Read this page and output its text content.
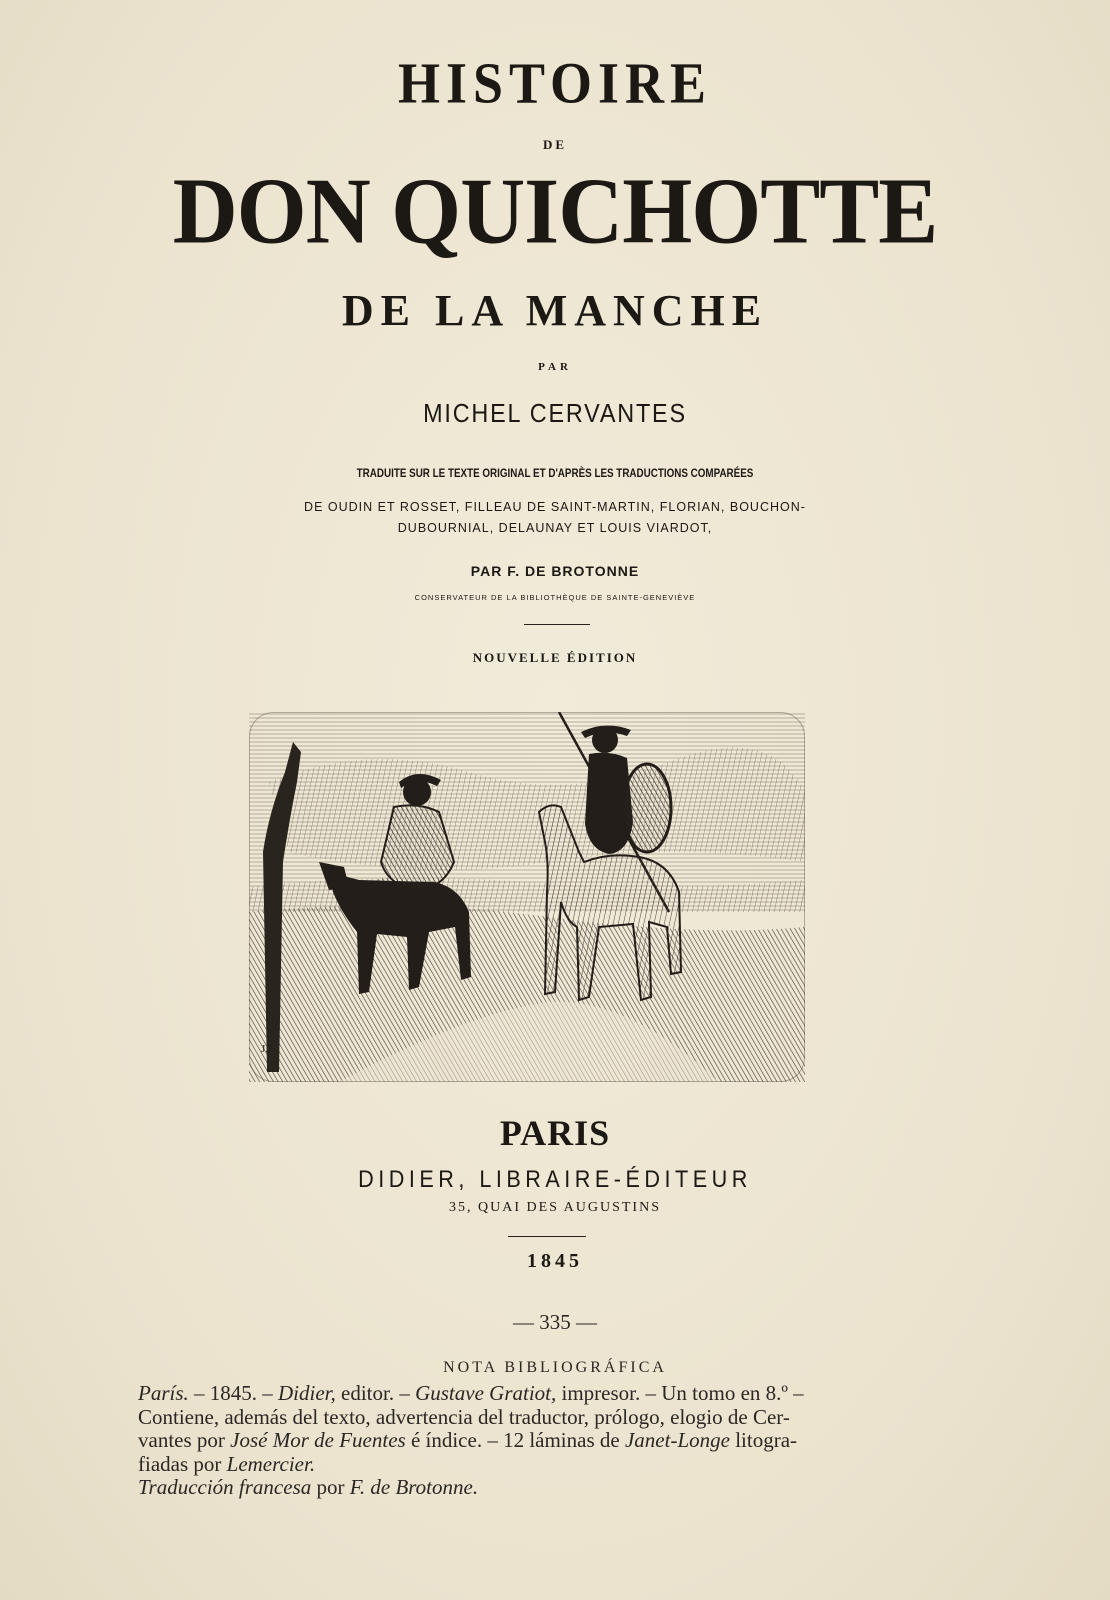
HISTOIRE
DE
DON QUICHOTTE
DE LA MANCHE
PAR
MICHEL CERVANTES
TRADUITE SUR LE TEXTE ORIGINAL ET D'APRÈS LES TRADUCTIONS COMPARÉES
DE OUDIN ET ROSSET, FILLEAU DE SAINT-MARTIN, FLORIAN, BOUCHON-
DUBOURNIAL, DELAUNAY ET LOUIS VIARDOT,
PAR F. DE BROTONNE
CONSERVATEUR DE LA BIBLIOTHÈQUE DE SAINTE-GENEVIÈVE
NOUVELLE ÉDITION
J.J.
PARIS
DIDIER, LIBRAIRE-ÉDITEUR
35, QUAI DES AUGUSTINS
1845
— 335 —
NOTA BIBLIOGRÁFICA
París. – 1845. – Didier, editor. – Gustave Gratiot, impresor. – Un tomo en 8.º –
Contiene, además del texto, advertencia del traductor, prólogo, elogio de Cer-
vantes por José Mor de Fuentes é índice. – 12 láminas de Janet-Longe litogra-
fiadas por Lemercier.
Traducción francesa por F. de Brotonne.
